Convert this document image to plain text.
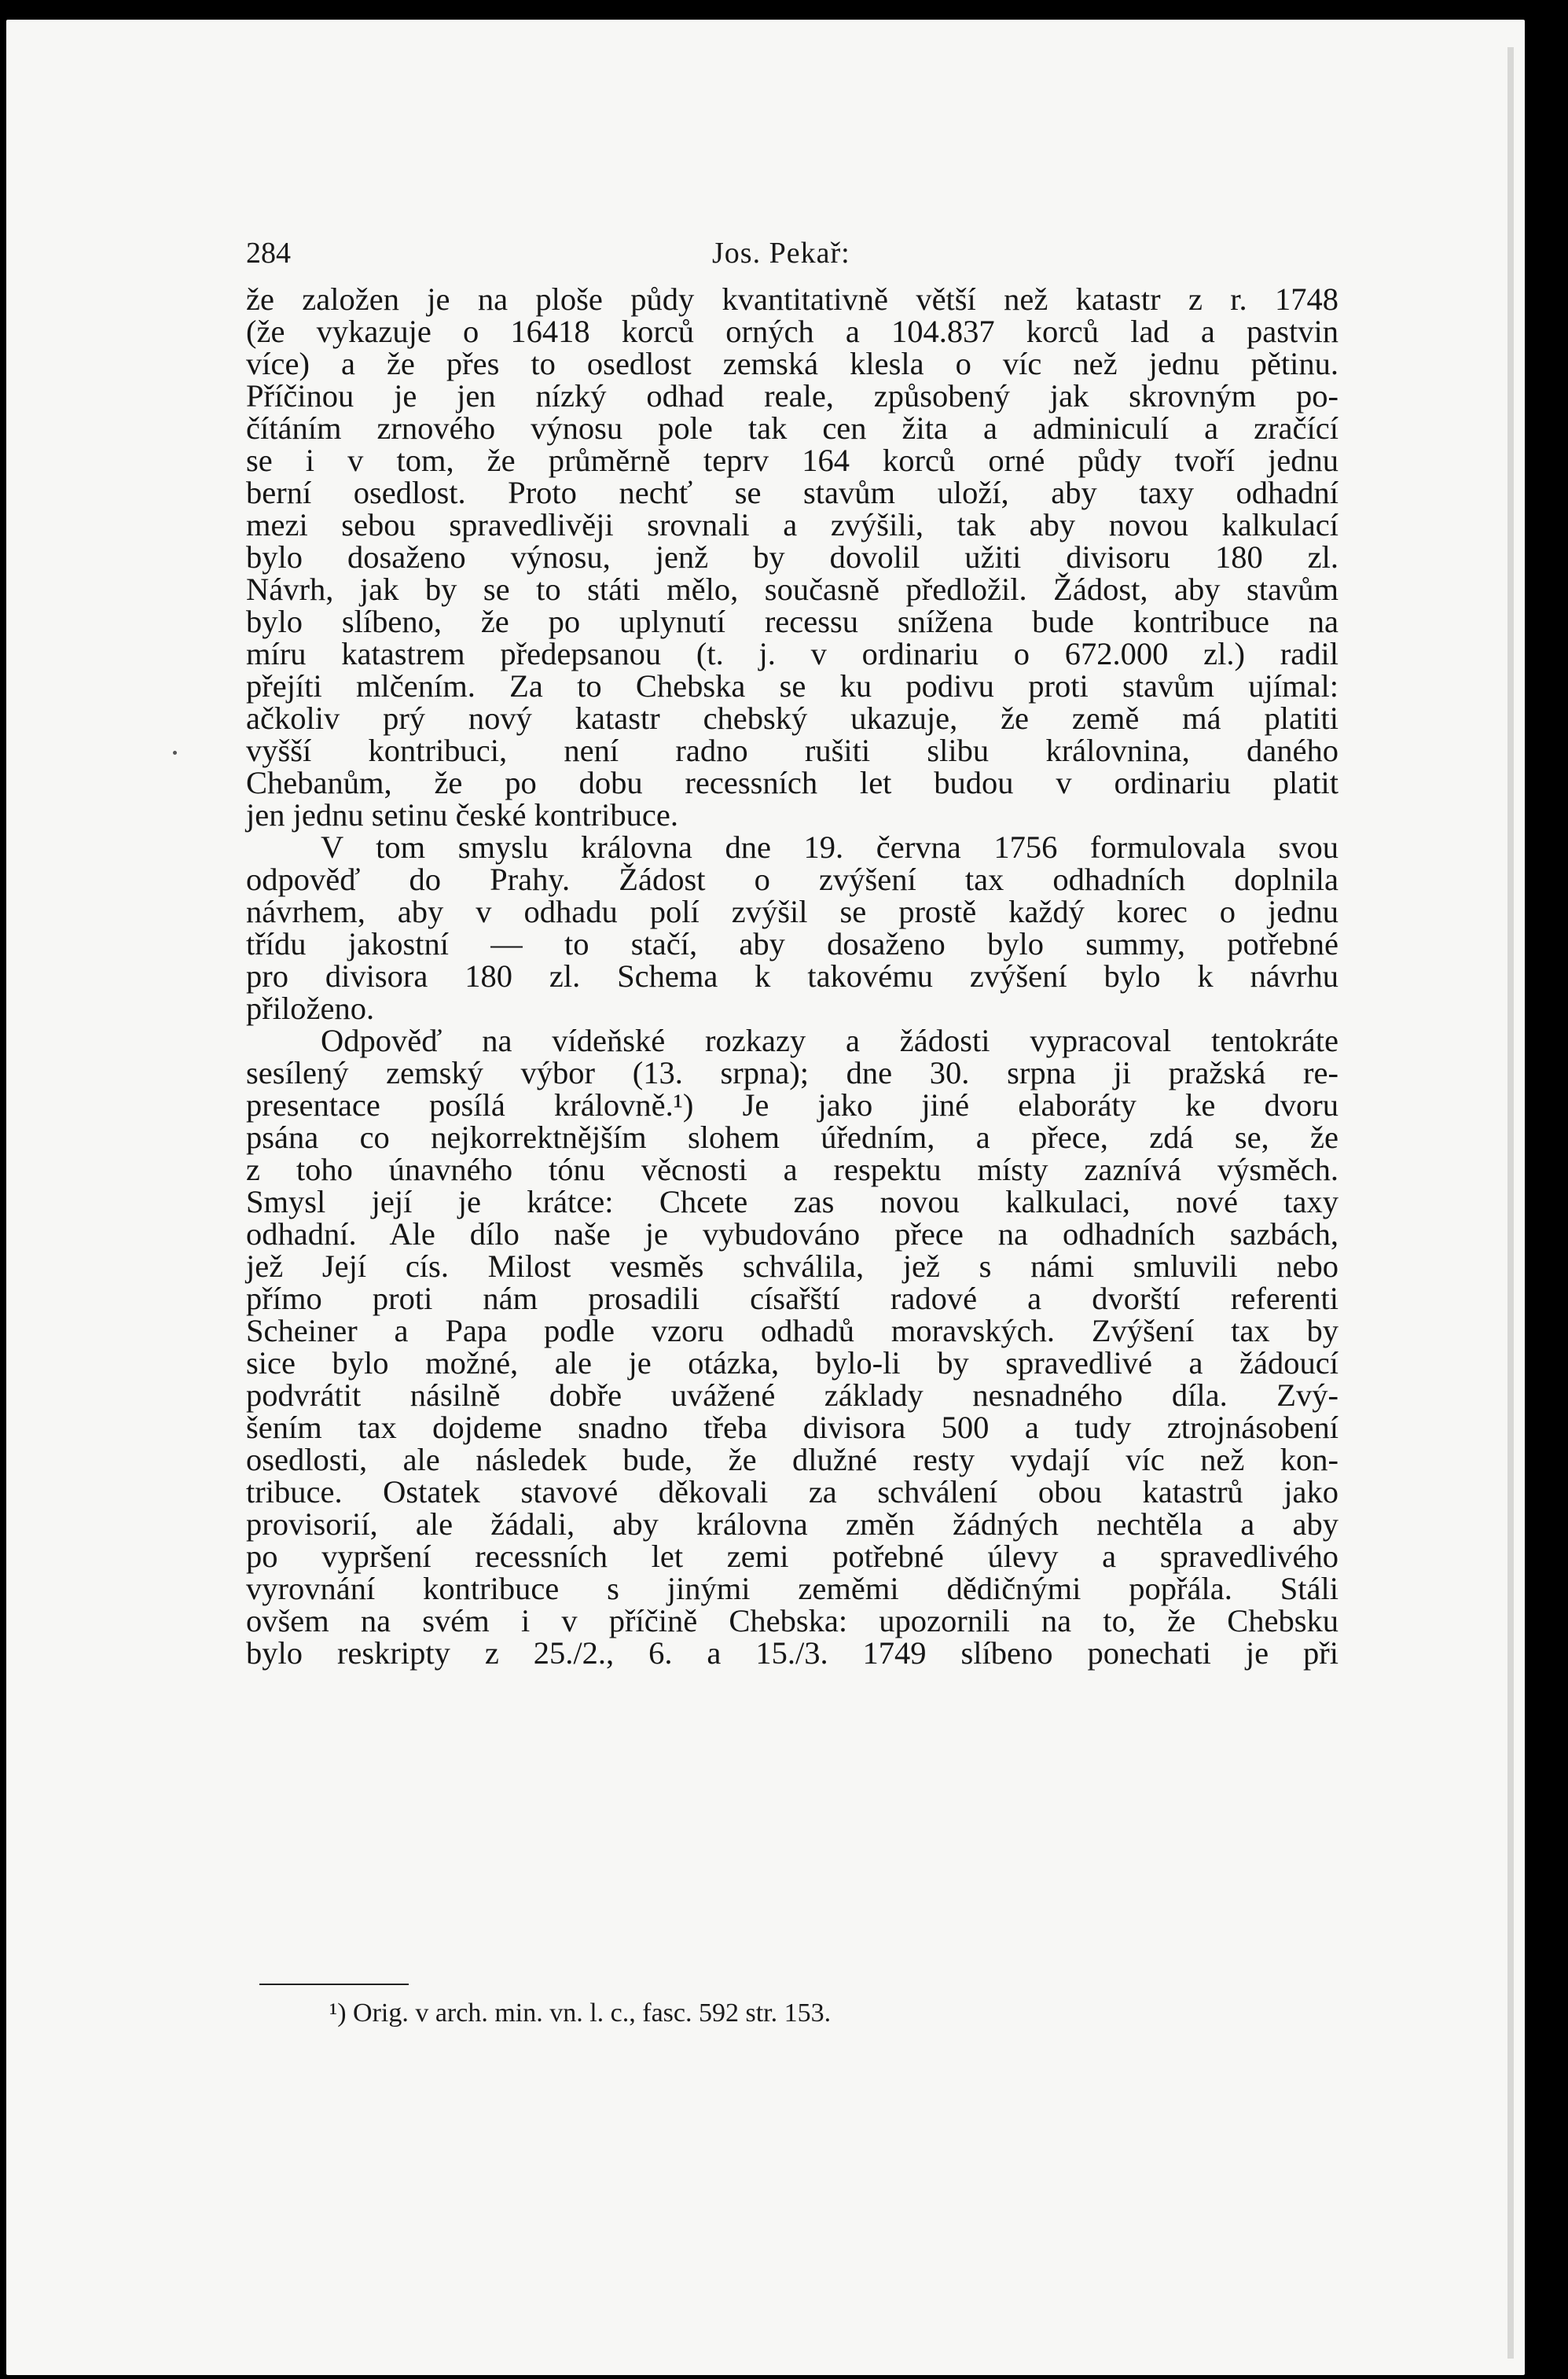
284	Jos. Pekař:
že založen je na ploše půdy kvantitativně větší než katastr z r. 1748
(že vykazuje o 16418 korců orných a 104.837 korců lad a pastvin
více) a že přes to osedlost zemská klesla o víc než jednu pětinu.
Příčinou je jen nízký odhad reale, způsobený jak skrovným po-
čítáním zrnového výnosu pole tak cen žita a adminiculí a zračící
se i v tom, že průměrně teprv 164 korců orné půdy tvoří jednu
berní osedlost. Proto nechť se stavům uloží, aby taxy odhadní
mezi sebou spravedlivěji srovnali a zvýšili, tak aby novou kalkulací
bylo dosaženo výnosu, jenž by dovolil užiti divisoru 180 zl.
Návrh, jak by se to státi mělo, současně předložil. Žádost, aby stavům
bylo slíbeno, že po uplynutí recessu snížena bude kontribuce na
míru katastrem předepsanou (t. j. v ordinariu o 672.000 zl.) radil
přejíti mlčením. Za to Chebska se ku podivu proti stavům ujímal:
ačkoliv prý nový katastr chebský ukazuje, že země má platiti
vyšší kontribuci, není radno rušiti slibu královnina, daného
Chebanům, že po dobu recessních let budou v ordinariu platit
jen jednu setinu české kontribuce.
V tom smyslu královna dne 19. června 1756 formulovala svou
odpověď do Prahy. Žádost o zvýšení tax odhadních doplnila
návrhem, aby v odhadu polí zvýšil se prostě každý korec o jednu
třídu jakostní — to stačí, aby dosaženo bylo summy, potřebné
pro divisora 180 zl. Schema k takovému zvýšení bylo k návrhu
přiloženo.
Odpověď na vídeňské rozkazy a žádosti vypracoval tentokráte
sesílený zemský výbor (13. srpna); dne 30. srpna ji pražská re-
presentace posílá královně.¹) Je jako jiné elaboráty ke dvoru
psána co nejkorrektnějším slohem úředním, a přece, zdá se, že
z toho únavného tónu věcnosti a respektu místy zaznívá výsměch.
Smysl její je krátce: Chcete zas novou kalkulaci, nové taxy
odhadní. Ale dílo naše je vybudováno přece na odhadních sazbách,
jež Její cís. Milost vesměs schválila, jež s námi smluvili nebo
přímo proti nám prosadili císařští radové a dvorští referenti
Scheiner a Papa podle vzoru odhadů moravských. Zvýšení tax by
sice bylo možné, ale je otázka, bylo-li by spravedlivé a žádoucí
podvrátit násilně dobře uvážené základy nesnadného díla. Zvý-
šením tax dojdeme snadno třeba divisora 500 a tudy ztrojnásobení
osedlosti, ale následek bude, že dlužné resty vydají víc než kon-
tribuce. Ostatek stavové děkovali za schválení obou katastrů jako
provisorií, ale žádali, aby královna změn žádných nechtěla a aby
po vypršení recessních let zemi potřebné úlevy a spravedlivého
vyrovnání kontribuce s jinými zeměmi dědičnými popřála. Stáli
ovšem na svém i v příčině Chebska: upozornili na to, že Chebsku
bylo reskripty z 25./2., 6. a 15./3. 1749 slíbeno ponechati je při
¹) Orig. v arch. min. vn. l. c., fasc. 592 str. 153.
